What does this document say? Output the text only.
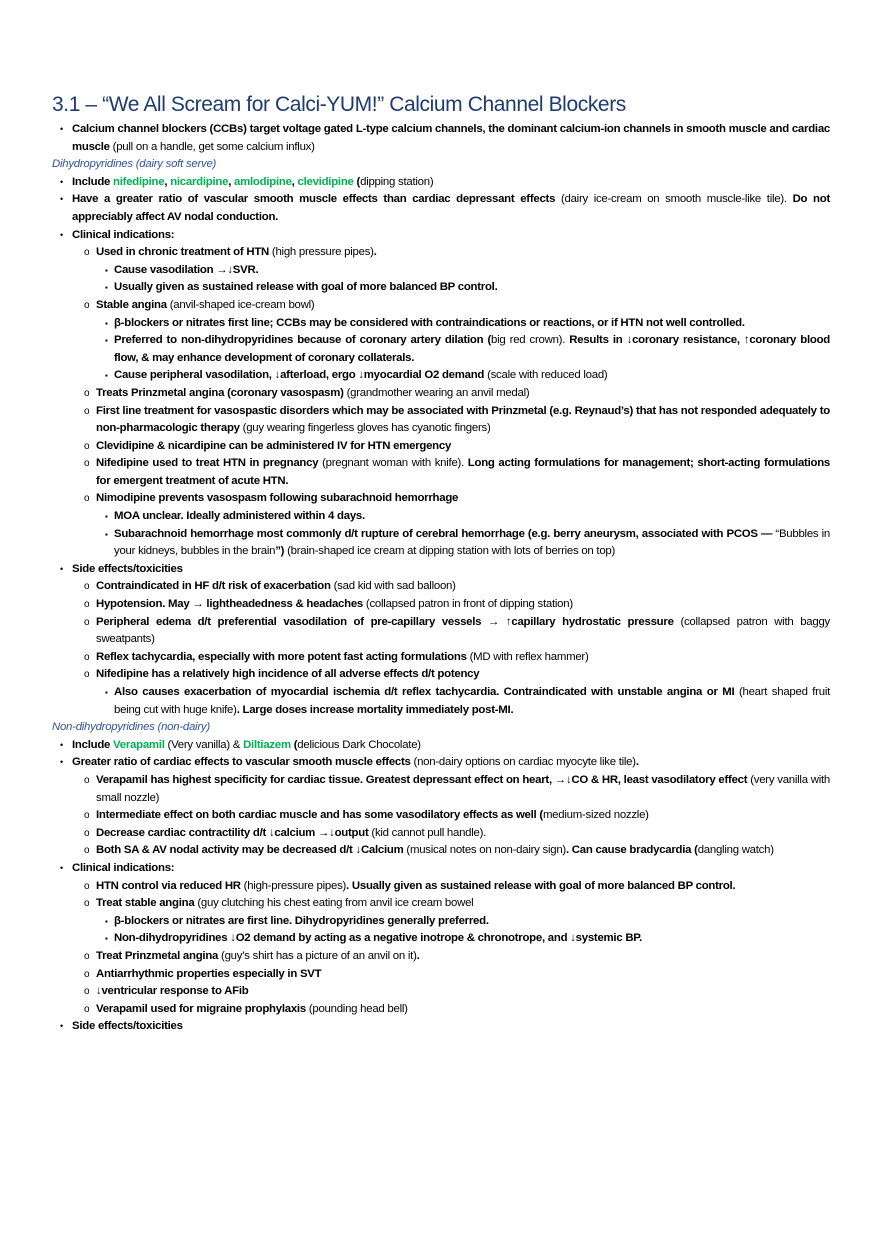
3.1 – “We All Scream for Calci-YUM!” Calcium Channel Blockers
• Calcium channel blockers (CCBs) target voltage gated L-type calcium channels, the dominant calcium-ion channels in smooth muscle and cardiac muscle (pull on a handle, get some calcium influx)
Dihydropyridines (dairy soft serve)
• Include nifedipine, nicardipine, amlodipine, clevidipine (dipping station)
• Have a greater ratio of vascular smooth muscle effects than cardiac depressant effects (dairy ice-cream on smooth muscle-like tile). Do not appreciably affect AV nodal conduction.
• Clinical indications:
o Used in chronic treatment of HTN (high pressure pipes).
▪ Cause vasodilation →↓SVR.
▪ Usually given as sustained release with goal of more balanced BP control.
o Stable angina (anvil-shaped ice-cream bowl)
▪ β-blockers or nitrates first line; CCBs may be considered with contraindications or reactions, or if HTN not well controlled.
▪ Preferred to non-dihydropyridines because of coronary artery dilation (big red crown). Results in ↓coronary resistance, ↑coronary blood flow, & may enhance development of coronary collaterals.
▪ Cause peripheral vasodilation, ↓afterload, ergo ↓myocardial O2 demand (scale with reduced load)
o Treats Prinzmetal angina (coronary vasospasm) (grandmother wearing an anvil medal)
o First line treatment for vasospastic disorders which may be associated with Prinzmetal (e.g. Reynaud’s) that has not responded adequately to non-pharmacologic therapy (guy wearing fingerless gloves has cyanotic fingers)
o Clevidipine & nicardipine can be administered IV for HTN emergency
o Nifedipine used to treat HTN in pregnancy (pregnant woman with knife). Long acting formulations for management; short-acting formulations for emergent treatment of acute HTN.
o Nimodipine prevents vasospasm following subarachnoid hemorrhage
▪ MOA unclear. Ideally administered within 4 days.
▪ Subarachnoid hemorrhage most commonly d/t rupture of cerebral hemorrhage (e.g. berry aneurysm, associated with PCOS — “Bubbles in your kidneys, bubbles in the brain”) (brain-shaped ice cream at dipping station with lots of berries on top)
• Side effects/toxicities
o Contraindicated in HF d/t risk of exacerbation (sad kid with sad balloon)
o Hypotension. May → lightheadedness & headaches (collapsed patron in front of dipping station)
o Peripheral edema d/t preferential vasodilation of pre-capillary vessels → ↑capillary hydrostatic pressure (collapsed patron with baggy sweatpants)
o Reflex tachycardia, especially with more potent fast acting formulations (MD with reflex hammer)
o Nifedipine has a relatively high incidence of all adverse effects d/t potency
▪ Also causes exacerbation of myocardial ischemia d/t reflex tachycardia. Contraindicated with unstable angina or MI (heart shaped fruit being cut with huge knife). Large doses increase mortality immediately post-MI.
Non-dihydropyridines (non-dairy)
• Include Verapamil (Very vanilla) & Diltiazem (delicious Dark Chocolate)
• Greater ratio of cardiac effects to vascular smooth muscle effects (non-dairy options on cardiac myocyte like tile).
o Verapamil has highest specificity for cardiac tissue. Greatest depressant effect on heart, →↓CO & HR, least vasodilatory effect (very vanilla with small nozzle)
o Intermediate effect on both cardiac muscle and has some vasodilatory effects as well (medium-sized nozzle)
o Decrease cardiac contractility d/t ↓calcium →↓output (kid cannot pull handle).
o Both SA & AV nodal activity may be decreased d/t ↓Calcium (musical notes on non-dairy sign). Can cause bradycardia (dangling watch)
• Clinical indications:
o HTN control via reduced HR (high-pressure pipes). Usually given as sustained release with goal of more balanced BP control.
o Treat stable angina (guy clutching his chest eating from anvil ice cream bowel
▪ β-blockers or nitrates are first line. Dihydropyridines generally preferred.
▪ Non-dihydropyridines ↓O2 demand by acting as a negative inotrope & chronotrope, and ↓systemic BP.
o Treat Prinzmetal angina (guy’s shirt has a picture of an anvil on it).
o Antiarrhythmic properties especially in SVT
o ↓ventricular response to AFib
o Verapamil used for migraine prophylaxis (pounding head bell)
• Side effects/toxicities
